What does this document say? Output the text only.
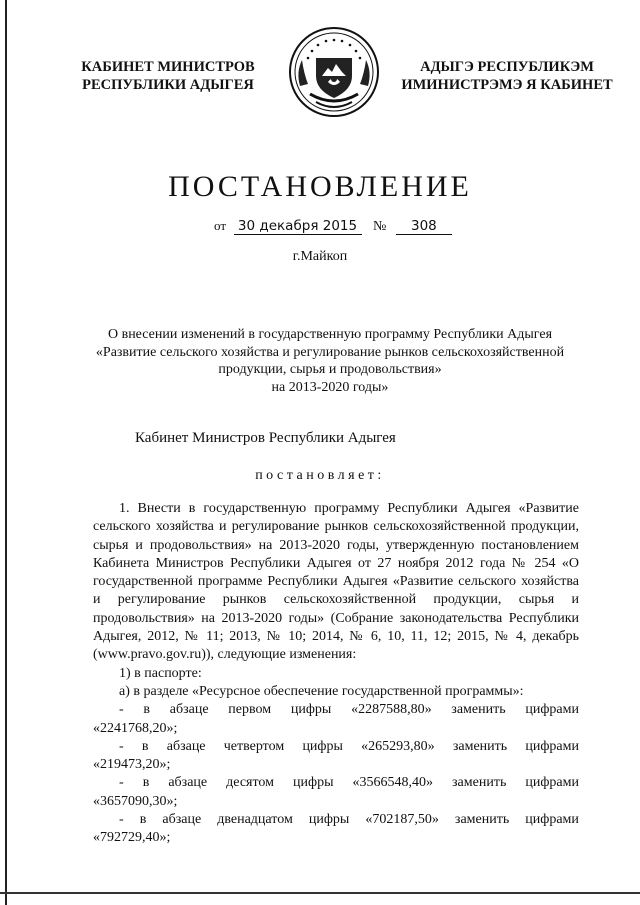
КАБИНЕТ МИНИСТРОВ
РЕСПУБЛИКИ АДЫГЕЯ
АДЫГЭ РЕСПУБЛИКЭМ
ИМИНИСТРЭМЭ Я КАБИНЕТ
ПОСТАНОВЛЕНИЕ
от 30 декабря 2015 № 308
г.Майкоп
О внесении изменений в государственную программу Республики Адыгея
«Развитие сельского хозяйства и регулирование рынков сельскохозяйственной
продукции, сырья и продовольствия»
на 2013-2020 годы»
Кабинет Министров Республики Адыгея
постановляет:

1. Внести в государственную программу Республики Адыгея «Развитие сельского хозяйства и регулирование рынков сельскохозяйственной продукции, сырья и продовольствия» на 2013-2020 годы, утвержденную постановлением Кабинета Министров Республики Адыгея от 27 ноября 2012 года № 254 «О государственной программе Республики Адыгея «Развитие сельского хозяйства и регулирование рынков сельскохозяйственной продукции, сырья и продовольствия» на 2013-2020 годы» (Собрание законодательства Республики Адыгея, 2012, № 11; 2013, № 10; 2014, № 6, 10, 11, 12; 2015, № 4, декабрь (www.pravo.gov.ru)), следующие изменения:

1) в паспорте:

а) в разделе «Ресурсное обеспечение государственной программы»:

- в абзаце первом цифры «2287588,80» заменить цифрами

«2241768,20»;

- в абзаце четвертом цифры «265293,80» заменить цифрами

«219473,20»;

- в абзаце десятом цифры «3566548,40» заменить цифрами

«3657090,30»;

- в абзаце двенадцатом цифры «702187,50» заменить цифрами

«792729,40»;
